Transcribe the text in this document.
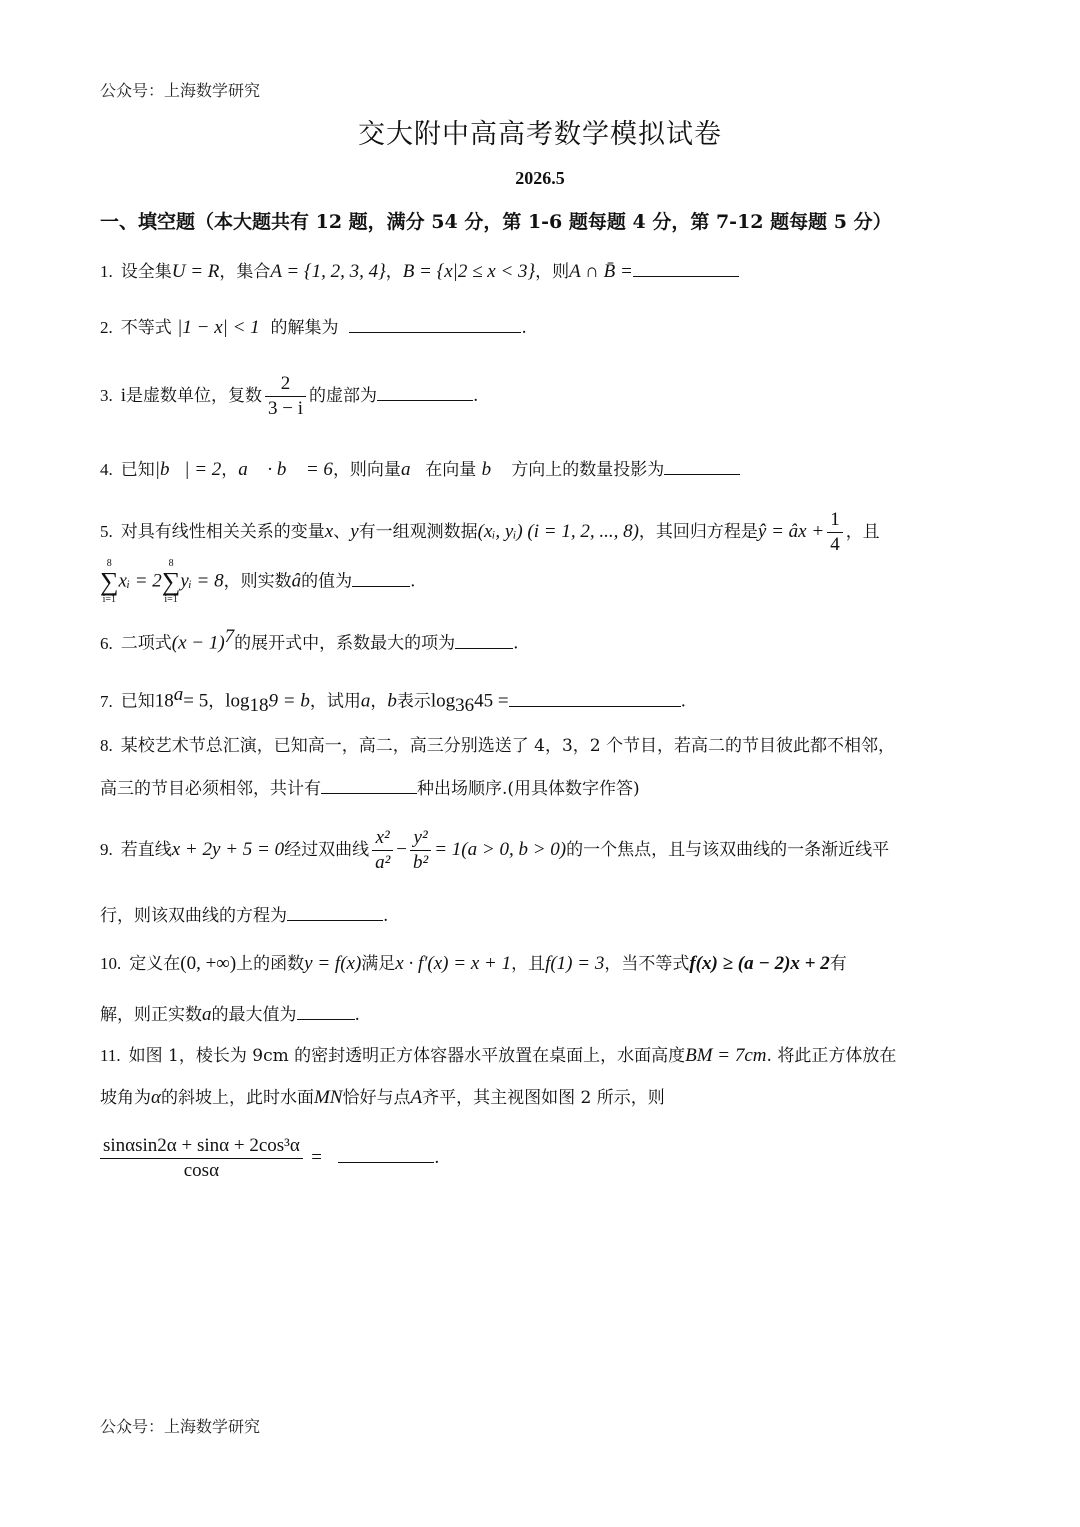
公众号：上海数学研究
交大附中高高考数学模拟试卷
2026.5
一、填空题（本大题共有 12 题，满分 54 分，第 1-6 题每题 4 分，第 7-12 题每题 5 分）
1. 设全集U = R，集合A = {1, 2, 3, 4}，B = {x|2 ≤ x < 3}，则A ∩ B̄ =
2. 不等式 |1 − x| < 1 的解集为	.
3. i是虚数单位，复数 $\frac{2}{3 - i}$ 的虚部为	.
4. 已知|b⃗| = 2，a⃗ · b⃗ = 6，则向量a⃗在向量 b⃗ 方向上的数量投影为
5. 对具有线性相关关系的变量x、y有一组观测数据(xᵢ, yᵢ) (i = 1, 2, ..., 8)，其回归方程是ŷ = âx + $\frac{1}{4}$ ，且
8
∑
i=1
xᵢ = 2
8
∑
i=1
yᵢ = 8，则实数â的值为	.
6. 二项式$(x - 1)^7$的展开式中，系数最大的项为	.
7. 已知$18^a= 5$，$\log_{18}9 = b$，试用a，b表示$\log_{36}45$ =	.
8. 某校艺术节总汇演，已知高一，高二，高三分别选送了 4，3，2 个节目，若高二的节目彼此都不相邻，
高三的节目必须相邻，共计有	种出场顺序.(用具体数字作答)
9. 若直线x + 2y + 5 = 0经过双曲线 $\frac{\text{x²}}{\text{a²}} - \frac{\text{y²}}{\text{b²}} = 1(a > 0$, b > 0)的一个焦点，且与该双曲线的一条渐近线平
行，则该双曲线的方程为	.
10. 定义在(0, +∞)上的函数y = f(x)满足x · f′(x) = x + 1，且f(1) = 3，当不等式f(x) ≥ (a − 2)x + 2有
解，则正实数a的最大值为	.
11. 如图 1，棱长为 9cm 的密封透明正方体容器水平放置在桌面上，水面高度BM = 7cm. 将此正方体放在
坡角为α的斜坡上，此时水面MN恰好与点A齐平，其主视图如图 2 所示，则
$\frac{\text{sinαsin2α + sinα + 2cos³α}}{\cos\alpha}$ =	.
公众号：上海数学研究
